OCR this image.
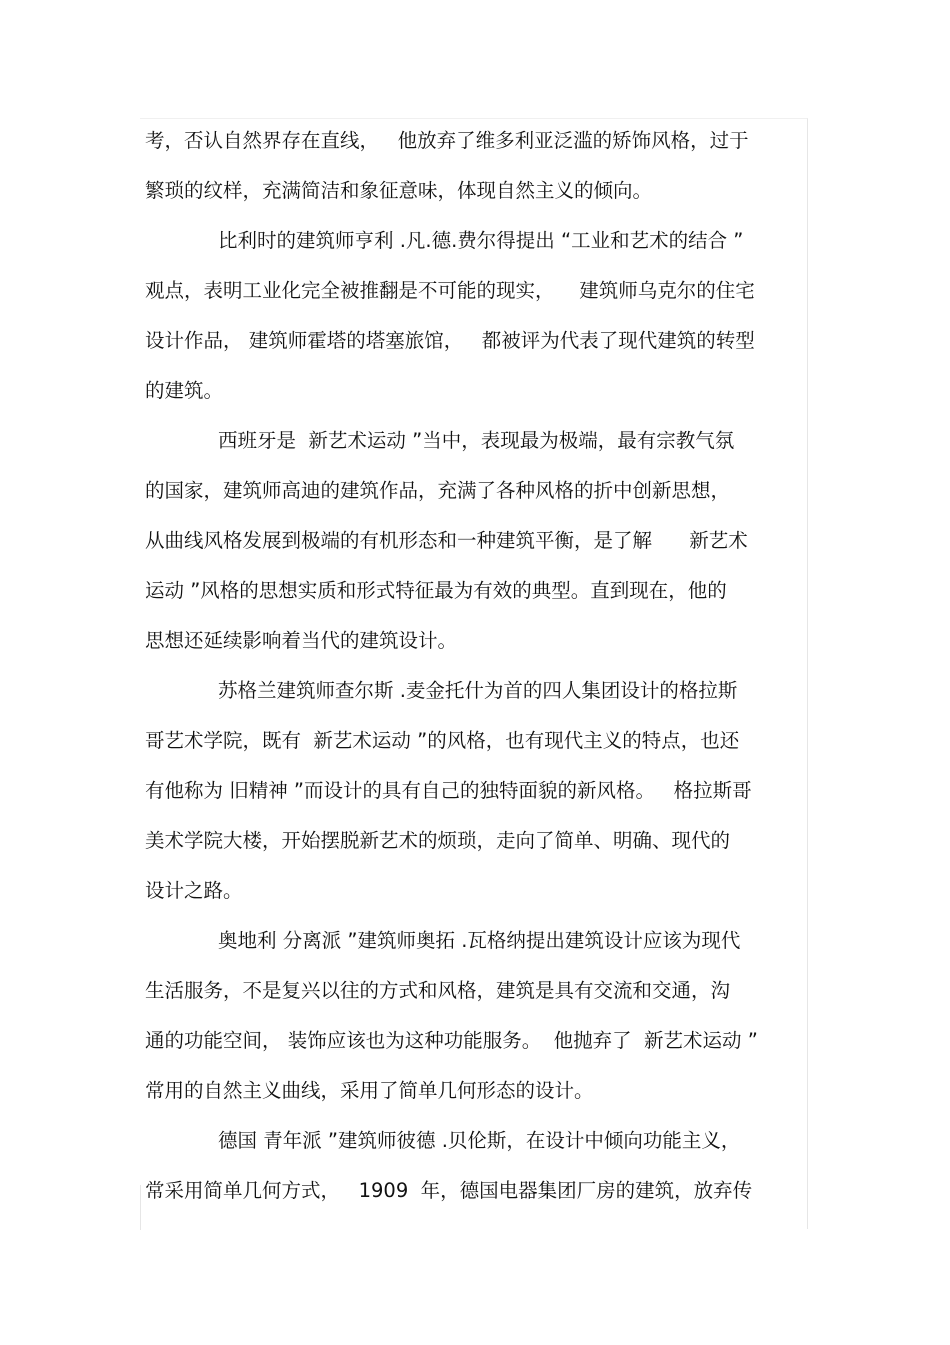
考，否认自然界存在直线，   他放弃了维多利亚泛滥的矫饰风格，过于
繁琐的纹样，充满简洁和象征意味，体现自然主义的倾向。
比利时的建筑师亨利 .凡.德.费尔得提出 “工业和艺术的结合 ”
观点，表明工业化完全被推翻是不可能的现实，    建筑师乌克尔的住宅
设计作品， 建筑师霍塔的塔塞旅馆，   都被评为代表了现代建筑的转型
的建筑。
西班牙是  新艺术运动 ”当中，表现最为极端，最有宗教气氛
的国家，建筑师高迪的建筑作品，充满了各种风格的折中创新思想，
从曲线风格发展到极端的有机形态和一种建筑平衡，是了解      新艺术
运动 ”风格的思想实质和形式特征最为有效的典型。直到现在，他的
思想还延续影响着当代的建筑设计。
苏格兰建筑师查尔斯 .麦金托什为首的四人集团设计的格拉斯
哥艺术学院，既有  新艺术运动 ”的风格，也有现代主义的特点，也还
有他称为 旧精神 ”而设计的具有自己的独特面貌的新风格。   格拉斯哥
美术学院大楼，开始摆脱新艺术的烦琐，走向了简单、明确、现代的
设计之路。
奥地利 分离派 ”建筑师奥拓 .瓦格纳提出建筑设计应该为现代
生活服务，不是复兴以往的方式和风格，建筑是具有交流和交通，沟
通的功能空间， 装饰应该也为这种功能服务。  他抛弃了  新艺术运动 ”
常用的自然主义曲线，采用了简单几何形态的设计。
德国 青年派 ”建筑师彼德 .贝伦斯，在设计中倾向功能主义，
常采用简单几何方式，   1909  年，德国电器集团厂房的建筑，放弃传
